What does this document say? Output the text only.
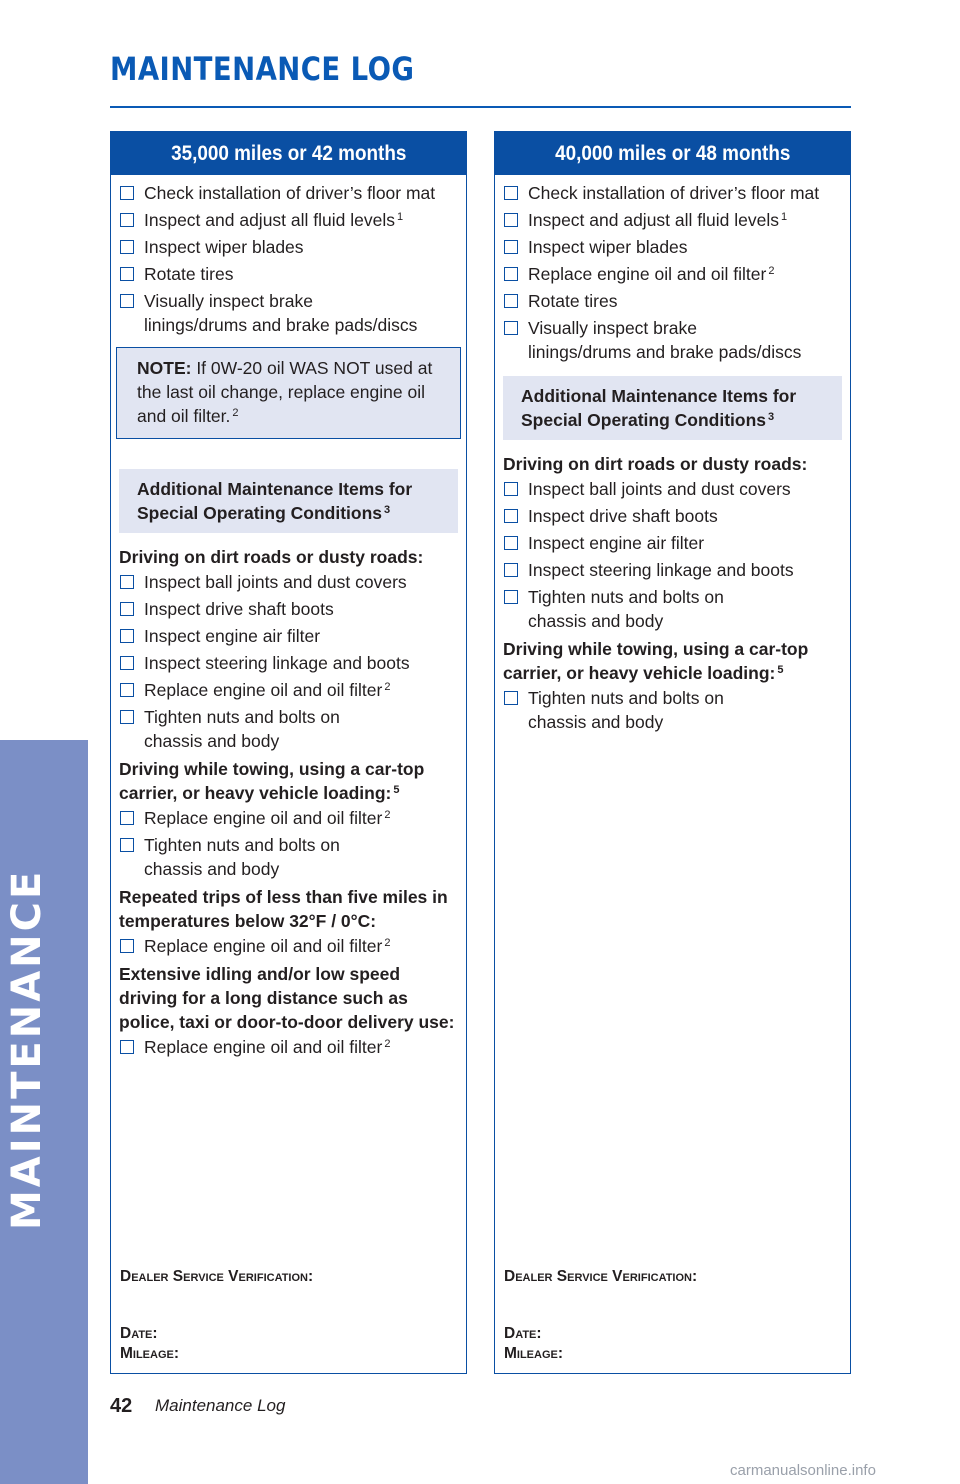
MAINTENANCE LOG
35,000 miles or 42 months
Check installation of driver’s floor mat
Inspect and adjust all fluid levels $^1$
Inspect wiper blades
Rotate tires
Visually inspect brake linings/drums and brake pads/discs
NOTE: If 0W-20 oil WAS NOT used at the last oil change, replace engine oil and oil filter. $^2$
Additional Maintenance Items for Special Operating Conditions $^3$
Driving on dirt roads or dusty roads:
Inspect ball joints and dust covers
Inspect drive shaft boots
Inspect engine air filter
Inspect steering linkage and boots
Replace engine oil and oil filter $^2$
Tighten nuts and bolts on chassis and body
Driving while towing, using a car-top carrier, or heavy vehicle loading: $^5$
Replace engine oil and oil filter $^2$
Tighten nuts and bolts on chassis and body
Repeated trips of less than five miles in temperatures below 32°F / 0°C:
Replace engine oil and oil filter $^2$
Extensive idling and/or low speed driving for a long distance such as police, taxi or door-to-door delivery use:
Replace engine oil and oil filter $^2$
Dealer Service Verification:
Date:
Mileage:
40,000 miles or 48 months
Check installation of driver’s floor mat
Inspect and adjust all fluid levels $^1$
Inspect wiper blades
Replace engine oil and oil filter $^2$
Rotate tires
Visually inspect brake linings/drums and brake pads/discs
Additional Maintenance Items for Special Operating Conditions $^3$
Driving on dirt roads or dusty roads:
Inspect ball joints and dust covers
Inspect drive shaft boots
Inspect engine air filter
Inspect steering linkage and boots
Tighten nuts and bolts on chassis and body
Driving while towing, using a car-top carrier, or heavy vehicle loading: $^5$
Tighten nuts and bolts on chassis and body
Dealer Service Verification:
Date:
Mileage:
42 Maintenance Log
carmanualsonline.info
